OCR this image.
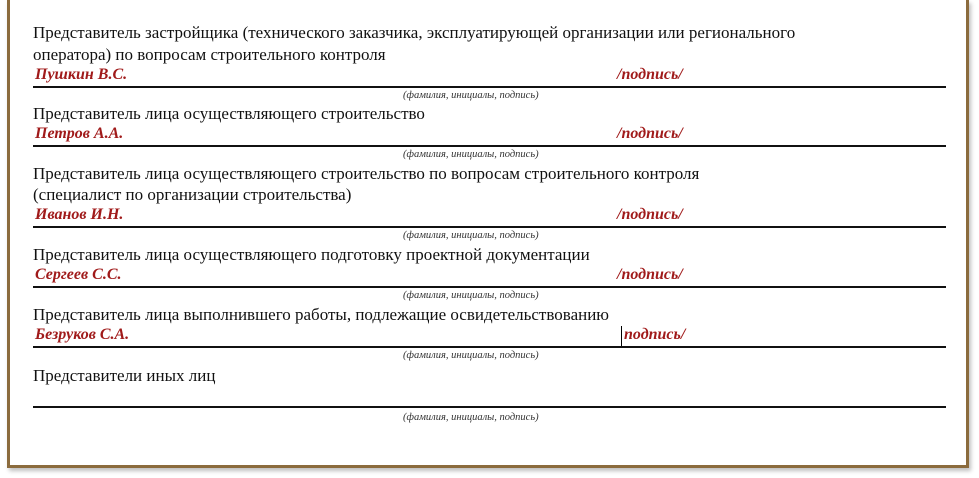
Представитель застройщика (технического заказчика, эксплуатирующей организации или регионального
оператора) по вопросам строительного контроля
Пушкин В.С.	/подпись/
(фамилия, инициалы, подпись)
Представитель лица осуществляющего строительство
Петров А.А.	/подпись/
(фамилия, инициалы, подпись)
Представитель лица осуществляющего строительство по вопросам строительного контроля
(специалист по организации строительства)
Иванов И.Н.	/подпись/
(фамилия, инициалы, подпись)
Представитель лица осуществляющего подготовку проектной документации
Сергеев С.С.	/подпись/
(фамилия, инициалы, подпись)
Представитель лица выполнившего работы, подлежащие освидетельствованию
Безруков С.А.	подпись/
(фамилия, инициалы, подпись)
Представители иных лиц
(фамилия, инициалы, подпись)
